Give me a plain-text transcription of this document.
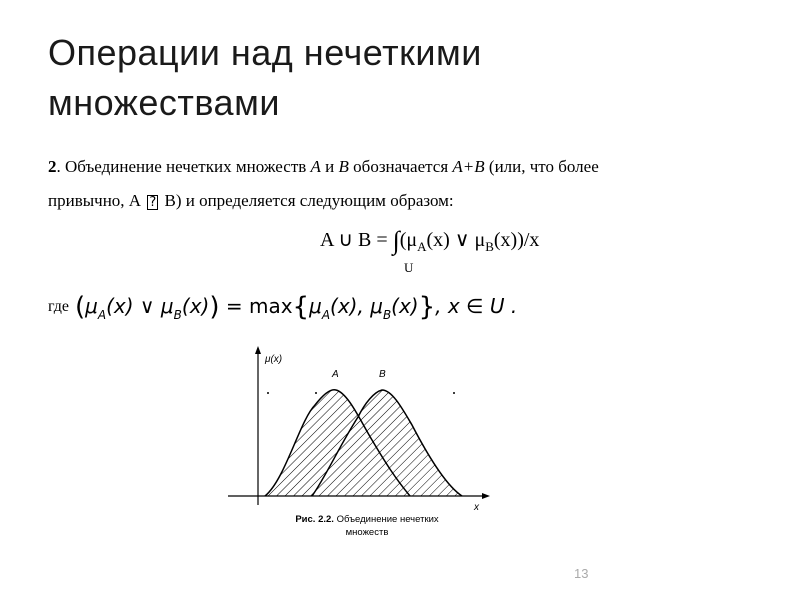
Операции над нечеткими
множествами
2. Объединение нечетких множеств A и B обозначается A+B (или, что более
привычно, А ? В) и определяется следующим образом:
A ∪ $B = \int(\mu_A(x)$ ∨ $\mu_B(x))/x$
U
где ($\mu_A(x)$ ∨ $\mu_B(x)) = \max\{\mu_A(x)$, $\mu_B(x)$}, x ∈ U .
μ(x)
x
A	B
Рис. 2.2. Объединение нечетких
множеств
13
